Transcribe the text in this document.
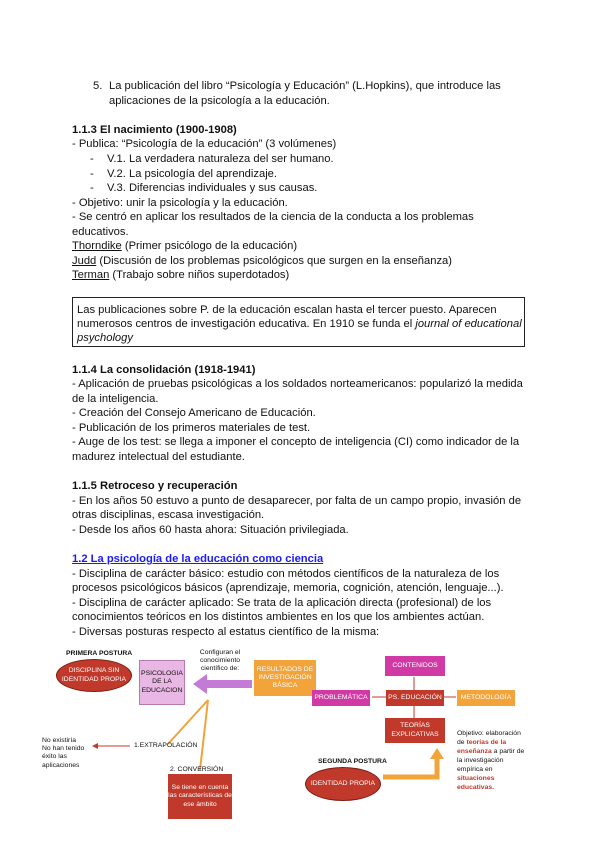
5. La publicación del libro “Psicología y Educación” (L.Hopkins), que introduce las
aplicaciones de la psicología a la educación.
1.1.3 El nacimiento (1900-1908)
- Publica: “Psicología de la educación” (3 volúmenes)
- V.1. La verdadera naturaleza del ser humano.
- V.2. La psicología del aprendizaje.
- V.3. Diferencias individuales y sus causas.
- Objetivo: unir la psicología y la educación.
- Se centró en aplicar los resultados de la ciencia de la conducta a los problemas
educativos.
Thorndike (Primer psicólogo de la educación)
Judd (Discusión de los problemas psicológicos que surgen en la enseñanza)
Terman (Trabajo sobre niños superdotados)
Las publicaciones sobre P. de la educación escalan hasta el tercer puesto. Aparecen
numerosos centros de investigación educativa. En 1910 se funda el journal of educational
psychology
1.1.4 La consolidación (1918-1941)
- Aplicación de pruebas psicológicas a los soldados norteamericanos: popularizó la medida
de la inteligencia.
- Creación del Consejo Americano de Educación.
- Publicación de los primeros materiales de test.
- Auge de los test: se llega a imponer el concepto de inteligencia (CI) como indicador de la
madurez intelectual del estudiante.
1.1.5 Retroceso y recuperación
- En los años 50 estuvo a punto de desaparecer, por falta de un campo propio, invasión de
otras disciplinas, escasa investigación.
- Desde los años 60 hasta ahora: Situación privilegiada.
1.2 La psicología de la educación como ciencia
- Disciplina de carácter básico: estudio con métodos científicos de la naturaleza de los
procesos psicológicos básicos (aprendizaje, memoria, cognición, atención, lenguaje...).
- Disciplina de carácter aplicado: Se trata de la aplicación directa (profesional) de los
conocimientos teóricos en los distintos ambientes en los que los ambientes actúan.
- Diversas posturas respecto al estatus científico de la misma:
PRIMERA POSTURA
DISCIPLINA SIN IDENTIDAD PROPIA
PSICOLOGIA DE LA EDUCACION
Configuran el conocimiento científico de:	RESULTADOS DE INVESTIGACIÓN BÁSICA
No existiría
No han tenido
éxito las
aplicaciones
1.EXTRAPOLACIÓN
2. CONVERSIÓN
Se tiene en cuenta las características de ese ámbito
CONTENIDOS
PROBLEMÁTICA	PS. EDUCACIÓN	METODOLOGÍA
TEORÍAS EXPLICATIVAS
SEGUNDA POSTURA
IDENTIDAD PROPIA
Objetivo: elaboración
de teorías de la
enseñanza a partir de
la investigación
empírica en
situaciones
educativas.
